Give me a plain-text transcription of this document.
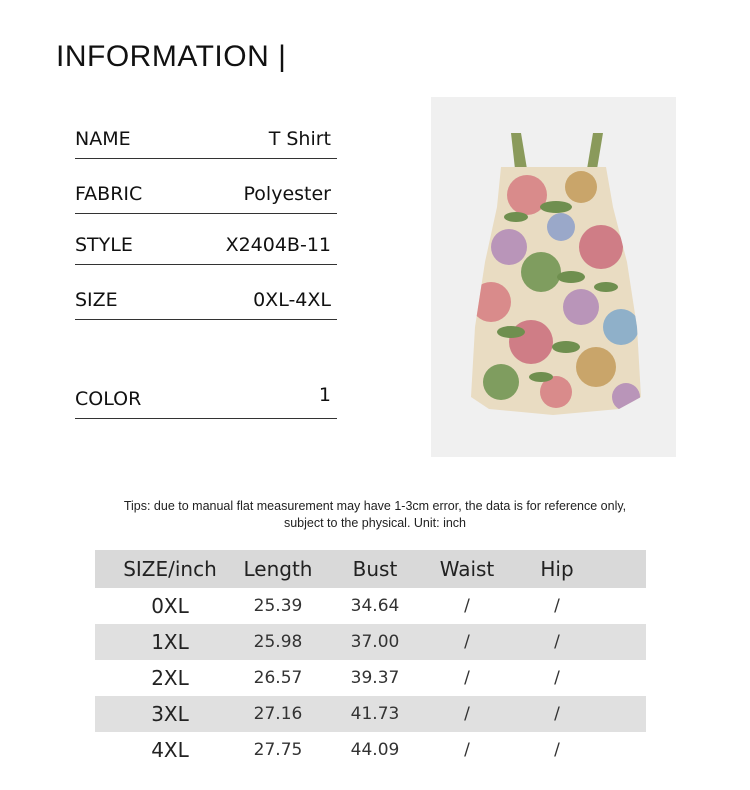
INFORMATION |
NAME	T Shirt
FABRIC	Polyester
STYLE	X2404B-11
SIZE	0XL-4XL
COLOR	1
Tips: due to manual flat measurement may have 1-3cm error, the data is for reference only,
subject to the physical. Unit: inch
SIZE/inch	Length	Bust	Waist	Hip
0XL	25.39	34.64	/	/
1XL	25.98	37.00	/	/
2XL	26.57	39.37	/	/
3XL	27.16	41.73	/	/
4XL	27.75	44.09	/	/
